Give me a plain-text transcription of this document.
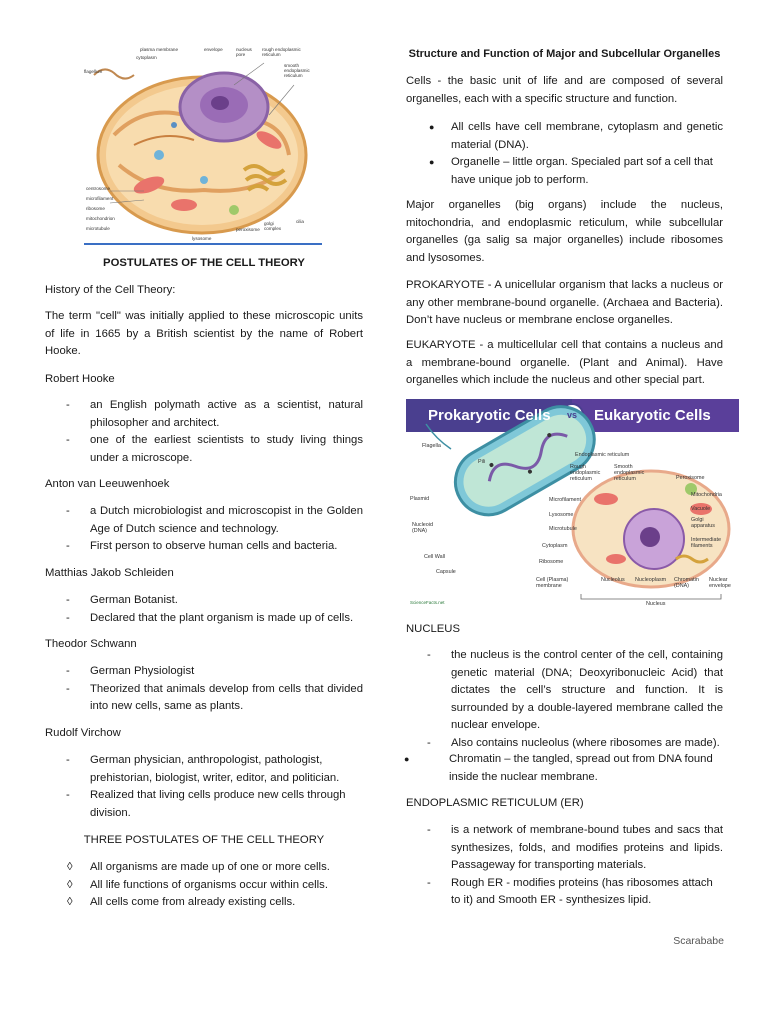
plasma membrane
cytoplasm
flagellum
envelope	nucleus
pore
rough endoplasmic
reticulum
smooth
endoplasmic
reticulum
centrosome
microfilament
ribosome
mitochondrion
microtubule
lysosome
peroxisome
golgi
complex
cilia

POSTULATES OF THE CELL THEORY

History of the Cell Theory:

The term "cell" was initially applied to these microscopic units of life in 1665 by a British scientist by the name of Robert Hooke.

Robert Hooke

- an English polymath active as a scientist, natural philosopher and architect.
- one of the earliest scientists to study living things under a microscope.

Anton van Leeuwenhoek

- a Dutch microbiologist and microscopist in the Golden Age of Dutch science and technology.
- First person to observe human cells and bacteria.

Matthias Jakob Schleiden

- German Botanist.
- Declared that the plant organism is made up of cells.

Theodor Schwann

- German Physiologist
- Theorized that animals develop from cells that divided into new cells, same as plants.

Rudolf Virchow

- German physician, anthropologist, pathologist, prehistorian, biologist, writer, editor, and politician.
- Realized that living cells produce new cells through division.

THREE POSTULATES OF THE CELL THEORY

◊ All organisms are made up of one or more cells.
◊ All life functions of organisms occur within cells.
◊ All cells come from already existing cells.

Structure and Function of Major and Subcellular Organelles

Cells - the basic unit of life and are composed of several organelles, each with a specific structure and function.

● All cells have cell membrane, cytoplasm and genetic material (DNA).
● Organelle – little organ. Specialed part sof a cell that have unique job to perform.

Major organelles (big organs) include the nucleus, mitochondria, and endoplasmic reticulum, while subcellular organelles (ga salig sa major organelles) include ribosomes and lysosomes.

PROKARYOTE - A unicellular organism that lacks a nucleus or any other membrane-bound organelle. (Archaea and Bacteria). Don’t have nucleus or membrane enclose organelles.

EUKARYOTE - a multicellular cell that contains a nucleus and a membrane-bound organelle. (Plant and Animal). Have organelles which include the nucleus and other special part.

Prokaryotic Cells	vs Eukaryotic Cells
Flagella
Pili
Plasmid
Nucleoid (DNA)
Cell Wall
Capsule
Ribosome
Cell (Plasma) membrane
Cytoplasm
Endoplasmic reticulum
Rough endoplasmic reticulum
Smooth endoplasmic reticulum	Peroxisome
Mitochondria
Vacuole
Golgi apparatus
Intermediate filaments
Microfilament
Lysosome
Microtubule
Nucleolus Nucleoplasm Chromatin (DNA)
Nuclear envelope
Nucleus
ScienceFacts.net

NUCLEUS

- the nucleus is the control center of the cell, containing genetic material (DNA; Deoxyribonucleic Acid) that dictates the cell’s structure and function. It is surrounded by a double-layered membrane called the nuclear envelope.
- Also contains nucleolus (where ribosomes are made).
●	Chromatin – the tangled, spread out from DNA found inside the nuclear membrane.

ENDOPLASMIC RETICULUM (ER)

- is a network of membrane-bound tubes and sacs that synthesizes, folds, and modifies proteins and lipids. Passageway for transporting materials.
- Rough ER - modifies proteins (has ribosomes attach to it) and Smooth ER - synthesizes lipid.
Scarababe
